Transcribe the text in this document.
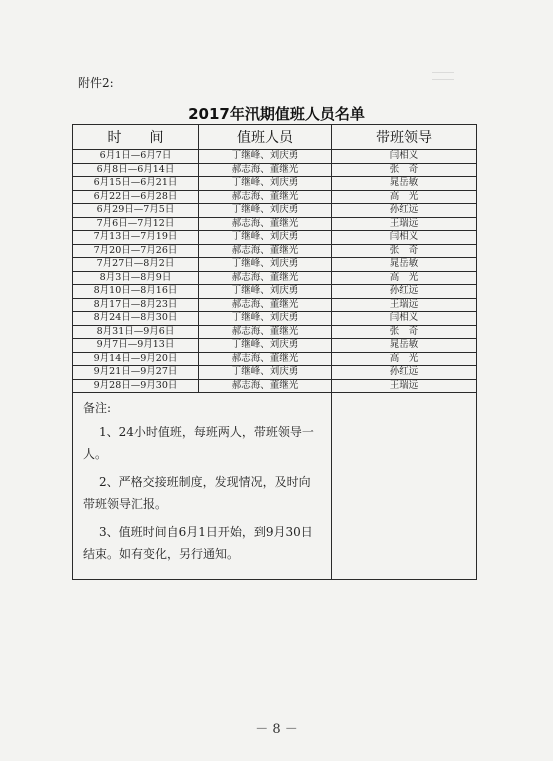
附件2:
2017年汛期值班人员名单
时　　间	值班人员	带班领导
6月1日—6月7日	丁继峰、刘庆勇	闫相义
6月8日—6月14日	郝志海、董继光	张　奇
6月15日—6月21日	丁继峰、刘庆勇	晁岳敏
6月22日—6月28日	郝志海、董继光	高　光
6月29日—7月5日	丁继峰、刘庆勇	孙红远
7月6日—7月12日	郝志海、董继光	王瑞远
7月13日—7月19日	丁继峰、刘庆勇	闫相义
7月20日—7月26日	郝志海、董继光	张　奇
7月27日—8月2日	丁继峰、刘庆勇	晁岳敏
8月3日—8月9日	郝志海、董继光	高　光
8月10日—8月16日	丁继峰、刘庆勇	孙红远
8月17日—8月23日	郝志海、董继光	王瑞远
8月24日—8月30日	丁继峰、刘庆勇	闫相义
8月31日—9月6日	郝志海、董继光	张　奇
9月7日—9月13日	丁继峰、刘庆勇	晁岳敏
9月14日—9月20日	郝志海、董继光	高　光
9月21日—9月27日	丁继峰、刘庆勇	孙红远
9月28日—9月30日	郝志海、董继光	王瑞远

备注:

1、24小时值班，每班两人，带班领导一人。

2、严格交接班制度，发现情况，及时向带班领导汇报。

3、值班时间自6月1日开始，到9月30日结束。如有变化，另行通知。		

－ 8 －
